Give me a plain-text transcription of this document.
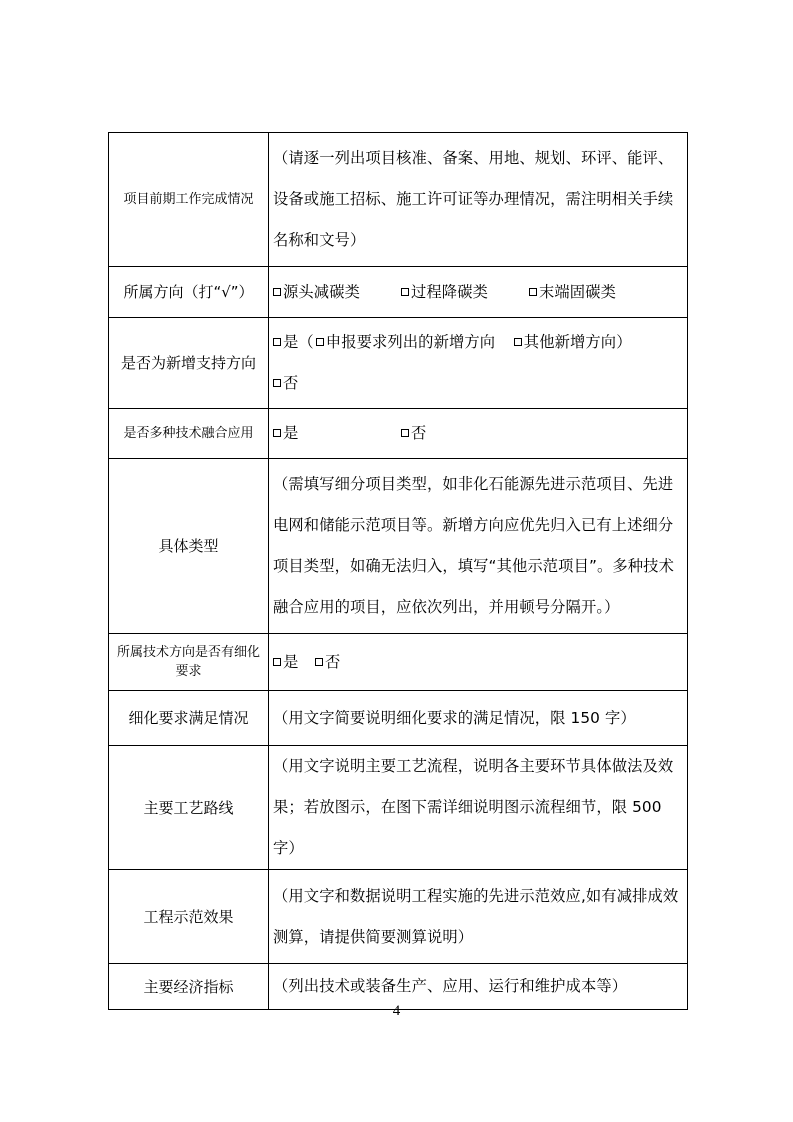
项目前期工作完成情况	（请逐一列出项目核准、备案、用地、规划、环评、能评、设备或施工招标、施工许可证等办理情况，需注明相关手续名称和文号）
所属方向（打“√”）	源头减碳类 过程降碳类 末端固碳类
是否为新增支持方向	是（ 申报要求列出的新增方向 其他新增方向）
否

是否多种技术融合应用	是 否
具体类型	（需填写细分项目类型，如非化石能源先进示范项目、先进电网和储能示范项目等。新增方向应优先归入已有上述细分项目类型，如确无法归入，填写“其他示范项目”。多种技术融合应用的项目，应依次列出，并用顿号分隔开。）
所属技术方向是否有细化要求	是 否
细化要求满足情况	（用文字简要说明细化要求的满足情况，限 150 字）
主要工艺路线	（用文字说明主要工艺流程，说明各主要环节具体做法及效果；若放图示，在图下需详细说明图示流程细节，限 500 字）
工程示范效果	（用文字和数据说明工程实施的先进示范效应,如有减排成效测算，请提供简要测算说明）
主要经济指标	（列出技术或装备生产、应用、运行和维护成本等）
4
